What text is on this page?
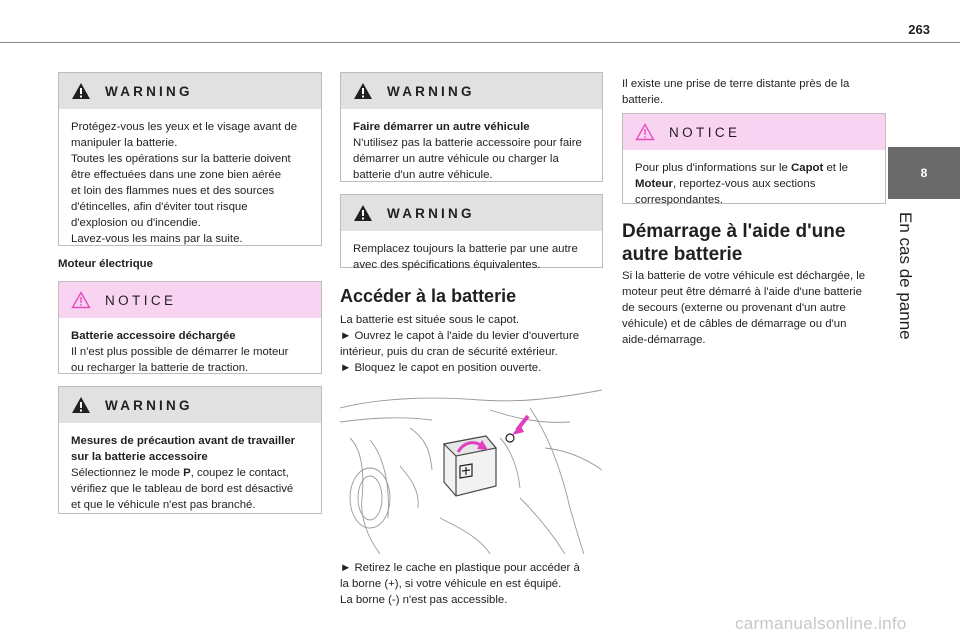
263
8
En cas de panne
WARNING
Protégez-vous les yeux et le visage avant de
manipuler la batterie.
Toutes les opérations sur la batterie doivent
être effectuées dans une zone bien aérée
et loin des flammes nues et des sources
d'étincelles, afin d'éviter tout risque
d'explosion ou d'incendie.
Lavez-vous les mains par la suite.
Moteur électrique
NOTICE
Batterie accessoire déchargée
Il n'est plus possible de démarrer le moteur
ou recharger la batterie de traction.
WARNING
Mesures de précaution avant de travailler
sur la batterie accessoire
Sélectionnez le mode P, coupez le contact,
vérifiez que le tableau de bord est désactivé
et que le véhicule n'est pas branché.
WARNING
Faire démarrer un autre véhicule
N'utilisez pas la batterie accessoire pour faire
démarrer un autre véhicule ou charger la
batterie d'un autre véhicule.
WARNING
Remplacez toujours la batterie par une autre
avec des spécifications équivalentes.
Accéder à la batterie
La batterie est située sous le capot.
► Ouvrez le capot à l'aide du levier d'ouverture
intérieur, puis du cran de sécurité extérieur.
► Bloquez le capot en position ouverte.
► Retirez le cache en plastique pour accéder à
la borne (+), si votre véhicule en est équipé.
La borne (-) n'est pas accessible.
Il existe une prise de terre distante près de la
batterie.
NOTICE
Pour plus d'informations sur le Capot et le
Moteur, reportez-vous aux sections
correspondantes.
Démarrage à l'aide d'une
autre batterie
Si la batterie de votre véhicule est déchargée, le
moteur peut être démarré à l'aide d'une batterie
de secours (externe ou provenant d'un autre
véhicule) et de câbles de démarrage ou d'un
aide-démarrage.
carmanualsonline.info
